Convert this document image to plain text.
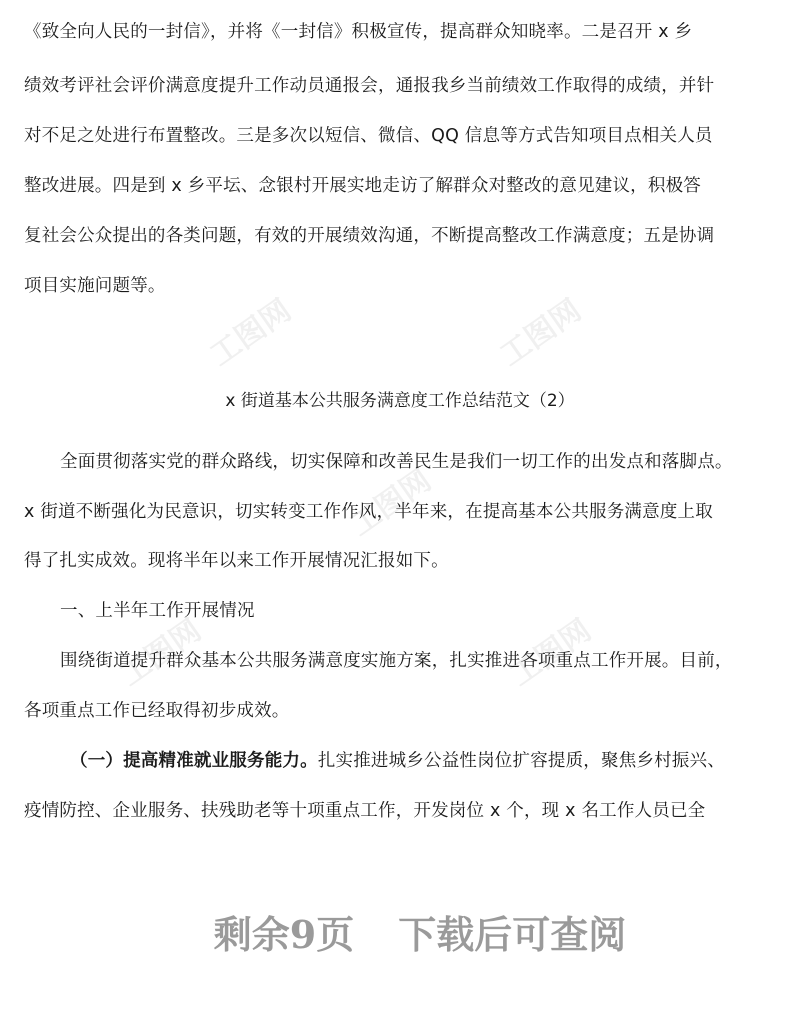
工图网	工图网
工图网
工图网	工图网
《致全向人民的一封信》，并将《一封信》积极宣传，提高群众知晓率。二是召开 x 乡
绩效考评社会评价满意度提升工作动员通报会，通报我乡当前绩效工作取得的成绩，并针
对不足之处进行布置整改。三是多次以短信、微信、QQ 信息等方式告知项目点相关人员
整改进展。四是到 x 乡平坛、念银村开展实地走访了解群众对整改的意见建议，积极答
复社会公众提出的各类问题，有效的开展绩效沟通，不断提高整改工作满意度；五是协调
项目实施问题等。
x 街道基本公共服务满意度工作总结范文（2）
全面贯彻落实党的群众路线，切实保障和改善民生是我们一切工作的出发点和落脚点。
x 街道不断强化为民意识，切实转变工作作风，半年来，在提高基本公共服务满意度上取
得了扎实成效。现将半年以来工作开展情况汇报如下。
一、上半年工作开展情况
围绕街道提升群众基本公共服务满意度实施方案，扎实推进各项重点工作开展。目前，
各项重点工作已经取得初步成效。
（一）提高精准就业服务能力。扎实推进城乡公益性岗位扩容提质，聚焦乡村振兴、
疫情防控、企业服务、扶残助老等十项重点工作，开发岗位 x 个，现 x 名工作人员已全
剩余9页 下载后可查阅
